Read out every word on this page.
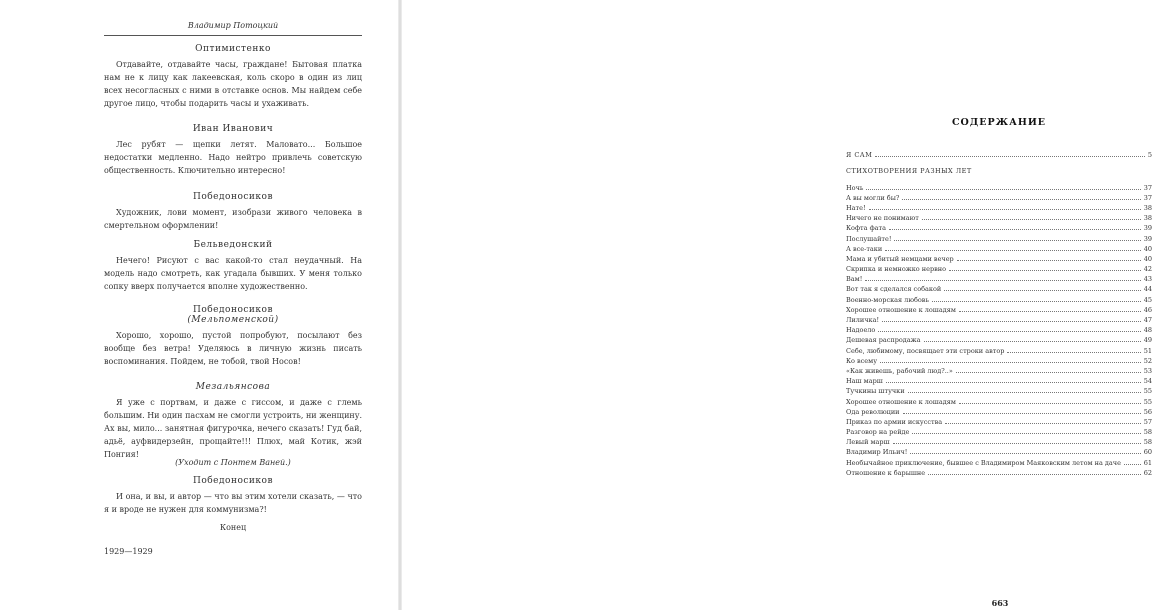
Владимир Потоцкий

Оптимистенко

Отдавайте, отдавайте часы, граждане! Бытовая платка нам не к лицу как лакеевская, коль скоро в один из лиц всех несогласных с ними в отставке основ. Мы найдем себе другое лицо, чтобы подарить часы и ухаживать.

Иван Иванович

Лес рубят — щепки летят. Маловато... Большое недостатки медленно. Надо нейтро привлечь советскую общественность. Ключительно интересно!

Победоносиков

Художник, лови момент, изобрази живого человека в смертельном оформлении!

Бельведонский

Нечего! Рисуют с вас какой-то стал неудачный. На модель надо смотреть, как угадала бывших. У меня только сопку вверх получается вполне художественно.

Победоносиков

(Мельпоменской)

Хорошо, хорошо, пустой попробуют, посылают без вообще без ветра! Уделяюсь в личную жизнь писать воспоминания. Пойдем, не тобой, твой Носов!

Мезальянсова

Я уже с портвам, и даже с гиссом, и даже с глемь большим. Ни один пасхам не смогли устроить, ни женщину. Ах вы, мило... занятная фигурочка, нечего сказать! Гуд бай, адьё, ауфвидерзейн, прощайте!!! Плюх, май Котик, жэй Понгия!

(Уходит с Понтем Ваней.)

Победоносиков

И она, и вы, и автор — что вы этим хотели сказать, — что я и вроде не нужен для коммунизма?!

Конец

1929—1929

СОДЕРЖАНИЕ
Я САМ	5
СТИХОТВОРЕНИЯ РАЗНЫХ ЛЕТ
Ночь	37
А вы могли бы?	37
Нате!	38
Ничего не понимают	38
Кофта фата	39
Послушайте!	39
А все-таки	40
Мама и убитый немцами вечер	40
Скрипка и немножко нервно	42
Вам!	43
Вот так я сделался собакой	44
Военно-морская любовь	45
Хорошее отношение к лошадям	46
Лиличка!	47
Надоело	48
Дешевая распродажа	49
Себе, любимому, посвящает эти строки автор	51
Ко всему	52
«Как живешь, рабочий люд?..»	53
Наш марш	54
Тучкины штучки	55
Хорошее отношение к лошадям	55
Ода революции	56
Приказ по армии искусства	57
Разговор на рейде	58
Левый марш	58
Владимир Ильич!	60
Необычайное приключение, бывшее с Владимиром Маяковским летом на даче	61
Отношение к барышне	62
663
